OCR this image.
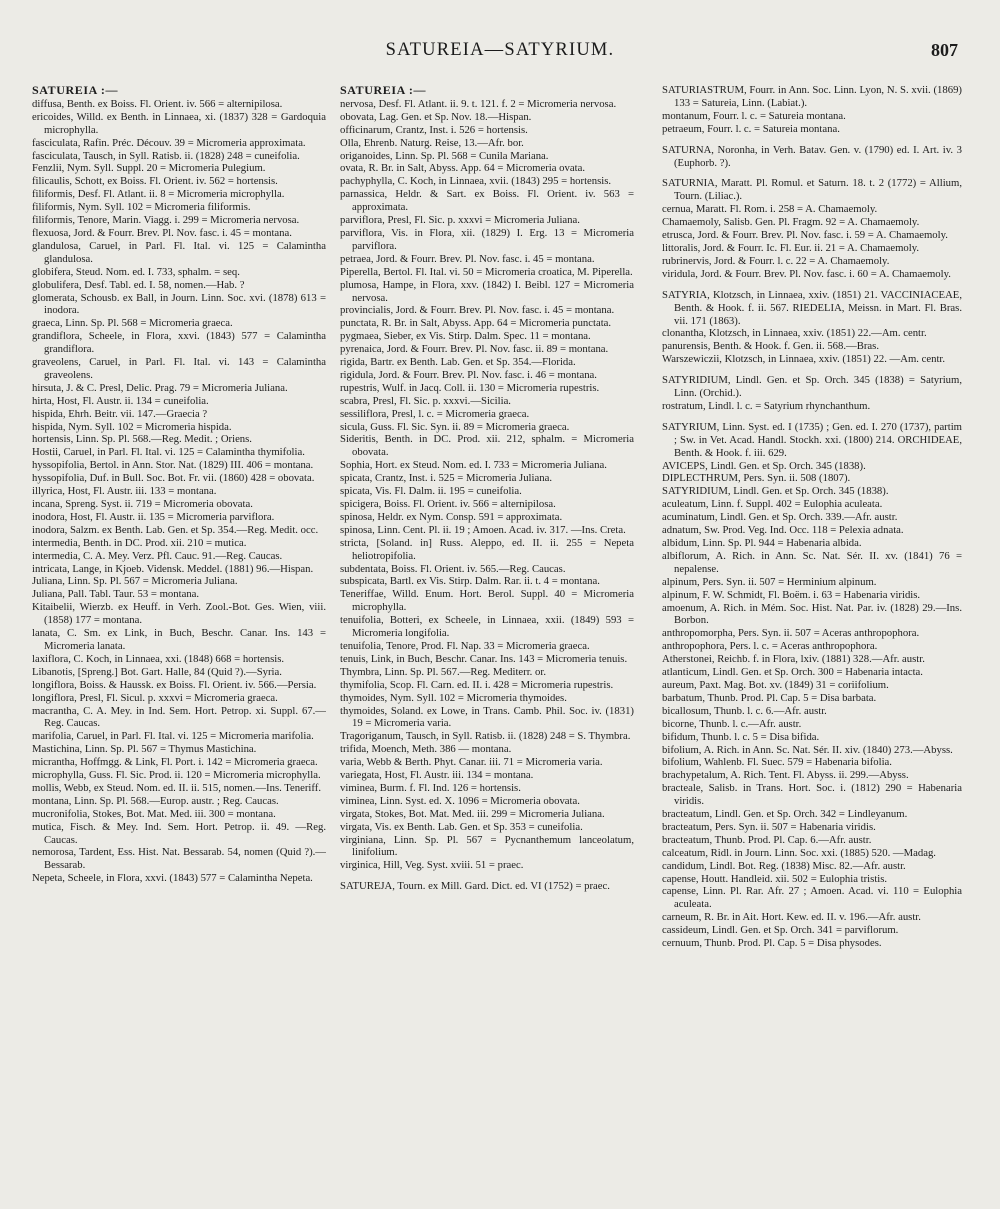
SATUREIA—SATYRIUM.	807
SATUREIA :—

diffusa, Benth. ex Boiss. Fl. Orient. iv. 566 = alternipilosa.

ericoides, Willd. ex Benth. in Linnaea, xi. (1837) 328 = Gardoquia microphylla.

fasciculata, Rafin. Préc. Découv. 39 = Micromeria approximata.

fasciculata, Tausch, in Syll. Ratisb. ii. (1828) 248 = cuneifolia.

Fenzlii, Nym. Syll. Suppl. 20 = Micromeria Pulegium.

filicaulis, Schott, ex Boiss. Fl. Orient. iv. 562 = hortensis.

filiformis, Desf. Fl. Atlant. ii. 8 = Micromeria microphylla.

filiformis, Nym. Syll. 102 = Micromeria filiformis.

filiformis, Tenore, Marin. Viagg. i. 299 = Micromeria nervosa.

flexuosa, Jord. & Fourr. Brev. Pl. Nov. fasc. i. 45 = montana.

glandulosa, Caruel, in Parl. Fl. Ital. vi. 125 = Calamintha glandulosa.

globifera, Steud. Nom. ed. I. 733, sphalm. = seq.

globulifera, Desf. Tabl. ed. I. 58, nomen.—Hab. ?

glomerata, Schousb. ex Ball, in Journ. Linn. Soc. xvi. (1878) 613 = inodora.

graeca, Linn. Sp. Pl. 568 = Micromeria graeca.

grandiflora, Scheele, in Flora, xxvi. (1843) 577 = Calamintha grandiflora.

graveolens, Caruel, in Parl. Fl. Ital. vi. 143 = Calamintha graveolens.

hirsuta, J. & C. Presl, Delic. Prag. 79 = Micromeria Juliana.

hirta, Host, Fl. Austr. ii. 134 = cuneifolia.

hispida, Ehrh. Beitr. vii. 147.—Graecia ?

hispida, Nym. Syll. 102 = Micromeria hispida.

hortensis, Linn. Sp. Pl. 568.—Reg. Medit. ; Oriens.

Hostii, Caruel, in Parl. Fl. Ital. vi. 125 = Calamintha thymifolia.

hyssopifolia, Bertol. in Ann. Stor. Nat. (1829) III. 406 = montana.

hyssopifolia, Duf. in Bull. Soc. Bot. Fr. vii. (1860) 428 = obovata.

illyrica, Host, Fl. Austr. iii. 133 = montana.

incana, Spreng. Syst. ii. 719 = Micromeria obovata.

inodora, Host, Fl. Austr. ii. 135 = Micromeria parviflora.

inodora, Salzm. ex Benth. Lab. Gen. et Sp. 354.—Reg. Medit. occ.

intermedia, Benth. in DC. Prod. xii. 210 = mutica.

intermedia, C. A. Mey. Verz. Pfl. Cauc. 91.—Reg. Caucas.

intricata, Lange, in Kjoeb. Vidensk. Meddel. (1881) 96.—Hispan.

Juliana, Linn. Sp. Pl. 567 = Micromeria Juliana.

Juliana, Pall. Tabl. Taur. 53 = montana.

Kitaibelii, Wierzb. ex Heuff. in Verh. Zool.-Bot. Ges. Wien, viii. (1858) 177 = montana.

lanata, C. Sm. ex Link, in Buch, Beschr. Canar. Ins. 143 = Micromeria lanata.

laxiflora, C. Koch, in Linnaea, xxi. (1848) 668 = hortensis.

Libanotis, [Spreng.] Bot. Gart. Halle, 84 (Quid ?).—Syria.

longiflora, Boiss. & Haussk. ex Boiss. Fl. Orient. iv. 566.—Persia.

longiflora, Presl, Fl. Sicul. p. xxxvi = Micromeria graeca.

macrantha, C. A. Mey. in Ind. Sem. Hort. Petrop. xi. Suppl. 67.—Reg. Caucas.

marifolia, Caruel, in Parl. Fl. Ital. vi. 125 = Micromeria marifolia.

Mastichina, Linn. Sp. Pl. 567 = Thymus Mastichina.

micrantha, Hoffmgg. & Link, Fl. Port. i. 142 = Micromeria graeca.

microphylla, Guss. Fl. Sic. Prod. ii. 120 = Micromeria microphylla.

mollis, Webb, ex Steud. Nom. ed. II. ii. 515, nomen.—Ins. Teneriff.

montana, Linn. Sp. Pl. 568.—Europ. austr. ; Reg. Caucas.

mucronifolia, Stokes, Bot. Mat. Med. iii. 300 = montana.

mutica, Fisch. & Mey. Ind. Sem. Hort. Petrop. ii. 49. —Reg. Caucas.

nemorosa, Tardent, Ess. Hist. Nat. Bessarab. 54, nomen (Quid ?).—Bessarab.

Nepeta, Scheele, in Flora, xxvi. (1843) 577 = Calamintha Nepeta.

SATUREIA :—

nervosa, Desf. Fl. Atlant. ii. 9. t. 121. f. 2 = Micromeria nervosa.

obovata, Lag. Gen. et Sp. Nov. 18.—Hispan.

officinarum, Crantz, Inst. i. 526 = hortensis.

Olla, Ehrenb. Naturg. Reise, 13.—Afr. bor.

origanoides, Linn. Sp. Pl. 568 = Cunila Mariana.

ovata, R. Br. in Salt, Abyss. App. 64 = Micromeria ovata.

pachyphylla, C. Koch, in Linnaea, xvii. (1843) 295 = hortensis.

parnassica, Heldr. & Sart. ex Boiss. Fl. Orient. iv. 563 = approximata.

parviflora, Presl, Fl. Sic. p. xxxvi = Micromeria Juliana.

parviflora, Vis. in Flora, xii. (1829) I. Erg. 13 = Micromeria parviflora.

petraea, Jord. & Fourr. Brev. Pl. Nov. fasc. i. 45 = montana.

Piperella, Bertol. Fl. Ital. vi. 50 = Micromeria croatica, M. Piperella.

plumosa, Hampe, in Flora, xxv. (1842) I. Beibl. 127 = Micromeria nervosa.

provincialis, Jord. & Fourr. Brev. Pl. Nov. fasc. i. 45 = montana.

punctata, R. Br. in Salt, Abyss. App. 64 = Micromeria punctata.

pygmaea, Sieber, ex Vis. Stirp. Dalm. Spec. 11 = montana.

pyrenaica, Jord. & Fourr. Brev. Pl. Nov. fasc. ii. 89 = montana.

rigida, Bartr. ex Benth. Lab. Gen. et Sp. 354.—Florida.

rigidula, Jord. & Fourr. Brev. Pl. Nov. fasc. i. 46 = montana.

rupestris, Wulf. in Jacq. Coll. ii. 130 = Micromeria rupestris.

scabra, Presl, Fl. Sic. p. xxxvi.—Sicilia.

sessiliflora, Presl, l. c. = Micromeria graeca.

sicula, Guss. Fl. Sic. Syn. ii. 89 = Micromeria graeca.

Sideritis, Benth. in DC. Prod. xii. 212, sphalm. = Micromeria obovata.

Sophia, Hort. ex Steud. Nom. ed. I. 733 = Micromeria Juliana.

spicata, Crantz, Inst. i. 525 = Micromeria Juliana.

spicata, Vis. Fl. Dalm. ii. 195 = cuneifolia.

spicigera, Boiss. Fl. Orient. iv. 566 = alternipilosa.

spinosa, Heldr. ex Nym. Consp. 591 = approximata.

spinosa, Linn. Cent. Pl. ii. 19 ; Amoen. Acad. iv. 317. —Ins. Creta.

stricta, [Soland. in] Russ. Aleppo, ed. II. ii. 255 = Nepeta heliotropifolia.

subdentata, Boiss. Fl. Orient. iv. 565.—Reg. Caucas.

subspicata, Bartl. ex Vis. Stirp. Dalm. Rar. ii. t. 4 = montana.

Teneriffae, Willd. Enum. Hort. Berol. Suppl. 40 = Micromeria microphylla.

tenuifolia, Botteri, ex Scheele, in Linnaea, xxii. (1849) 593 = Micromeria longifolia.

tenuifolia, Tenore, Prod. Fl. Nap. 33 = Micromeria graeca.

tenuis, Link, in Buch, Beschr. Canar. Ins. 143 = Micromeria tenuis.

Thymbra, Linn. Sp. Pl. 567.—Reg. Mediterr. or.

thymifolia, Scop. Fl. Carn. ed. II. i. 428 = Micromeria rupestris.

thymoides, Nym. Syll. 102 = Micromeria thymoides.

thymoides, Soland. ex Lowe, in Trans. Camb. Phil. Soc. iv. (1831) 19 = Micromeria varia.

Tragoriganum, Tausch, in Syll. Ratisb. ii. (1828) 248 = S. Thymbra.

trifida, Moench, Meth. 386 — montana.

varia, Webb & Berth. Phyt. Canar. iii. 71 = Micromeria varia.

variegata, Host, Fl. Austr. iii. 134 = montana.

viminea, Burm. f. Fl. Ind. 126 = hortensis.

viminea, Linn. Syst. ed. X. 1096 = Micromeria obovata.

virgata, Stokes, Bot. Mat. Med. iii. 299 = Micromeria Juliana.

virgata, Vis. ex Benth. Lab. Gen. et Sp. 353 = cuneifolia.

virginiana, Linn. Sp. Pl. 567 = Pycnanthemum lanceolatum, linifolium.

virginica, Hill, Veg. Syst. xviii. 51 = praec.

SATUREJA, Tourn. ex Mill. Gard. Dict. ed. VI (1752) = praec.

SATURIASTRUM, Fourr. in Ann. Soc. Linn. Lyon, N. S. xvii. (1869) 133 = Satureia, Linn. (Labiat.).

montanum, Fourr. l. c. = Satureia montana.

petraeum, Fourr. l. c. = Satureia montana.

SATURNA, Noronha, in Verh. Batav. Gen. v. (1790) ed. I. Art. iv. 3 (Euphorb. ?).

SATURNIA, Maratt. Pl. Romul. et Saturn. 18. t. 2 (1772) = Allium, Tourn. (Liliac.).

cernua, Maratt. Fl. Rom. i. 258 = A. Chamaemoly.

Chamaemoly, Salisb. Gen. Pl. Fragm. 92 = A. Chamaemoly.

etrusca, Jord. & Fourr. Brev. Pl. Nov. fasc. i. 59 = A. Chamaemoly.

littoralis, Jord. & Fourr. Ic. Fl. Eur. ii. 21 = A. Chamaemoly.

rubrinervis, Jord. & Fourr. l. c. 22 = A. Chamaemoly.

viridula, Jord. & Fourr. Brev. Pl. Nov. fasc. i. 60 = A. Chamaemoly.

SATYRIA, Klotzsch, in Linnaea, xxiv. (1851) 21. VACCINIACEAE, Benth. & Hook. f. ii. 567. RIEDELIA, Meissn. in Mart. Fl. Bras. vii. 171 (1863).

clonantha, Klotzsch, in Linnaea, xxiv. (1851) 22.—Am. centr.

panurensis, Benth. & Hook. f. Gen. ii. 568.—Bras.

Warszewiczii, Klotzsch, in Linnaea, xxiv. (1851) 22. —Am. centr.

SATYRIDIUM, Lindl. Gen. et Sp. Orch. 345 (1838) = Satyrium, Linn. (Orchid.).

rostratum, Lindl. l. c. = Satyrium rhynchanthum.

SATYRIUM, Linn. Syst. ed. I (1735) ; Gen. ed. I. 270 (1737), partim ; Sw. in Vet. Acad. Handl. Stockh. xxi. (1800) 214. ORCHIDEAE, Benth. & Hook. f. iii. 629.

AVICEPS, Lindl. Gen. et Sp. Orch. 345 (1838).

DIPLECTHRUM, Pers. Syn. ii. 508 (1807).

SATYRIDIUM, Lindl. Gen. et Sp. Orch. 345 (1838).

aculeatum, Linn. f. Suppl. 402 = Eulophia aculeata.

acuminatum, Lindl. Gen. et Sp. Orch. 339.—Afr. austr.

adnatum, Sw. Prod. Veg. Ind. Occ. 118 = Pelexia adnata.

albidum, Linn. Sp. Pl. 944 = Habenaria albida.

albiflorum, A. Rich. in Ann. Sc. Nat. Sér. II. xv. (1841) 76 = nepalense.

alpinum, Pers. Syn. ii. 507 = Herminium alpinum.

alpinum, F. W. Schmidt, Fl. Boëm. i. 63 = Habenaria viridis.

amoenum, A. Rich. in Mém. Soc. Hist. Nat. Par. iv. (1828) 29.—Ins. Borbon.

anthropomorpha, Pers. Syn. ii. 507 = Aceras anthropophora.

anthropophora, Pers. l. c. = Aceras anthropophora.

Atherstonei, Reichb. f. in Flora, lxiv. (1881) 328.—Afr. austr.

atlanticum, Lindl. Gen. et Sp. Orch. 300 = Habenaria intacta.

aureum, Paxt. Mag. Bot. xv. (1849) 31 = coriifolium.

barbatum, Thunb. Prod. Pl. Cap. 5 = Disa barbata.

bicallosum, Thunb. l. c. 6.—Afr. austr.

bicorne, Thunb. l. c.—Afr. austr.

bifidum, Thunb. l. c. 5 = Disa bifida.

bifolium, A. Rich. in Ann. Sc. Nat. Sér. II. xiv. (1840) 273.—Abyss.

bifolium, Wahlenb. Fl. Suec. 579 = Habenaria bifolia.

brachypetalum, A. Rich. Tent. Fl. Abyss. ii. 299.—Abyss.

bracteale, Salisb. in Trans. Hort. Soc. i. (1812) 290 = Habenaria viridis.

bracteatum, Lindl. Gen. et Sp. Orch. 342 = Lindleyanum.

bracteatum, Pers. Syn. ii. 507 = Habenaria viridis.

bracteatum, Thunb. Prod. Pl. Cap. 6.—Afr. austr.

calceatum, Ridl. in Journ. Linn. Soc. xxi. (1885) 520. —Madag.

candidum, Lindl. Bot. Reg. (1838) Misc. 82.—Afr. austr.

capense, Houtt. Handleid. xii. 502 = Eulophia tristis.

capense, Linn. Pl. Rar. Afr. 27 ; Amoen. Acad. vi. 110 = Eulophia aculeata.

carneum, R. Br. in Ait. Hort. Kew. ed. II. v. 196.—Afr. austr.

cassideum, Lindl. Gen. et Sp. Orch. 341 = parviflorum.

cernuum, Thunb. Prod. Pl. Cap. 5 = Disa physodes.
